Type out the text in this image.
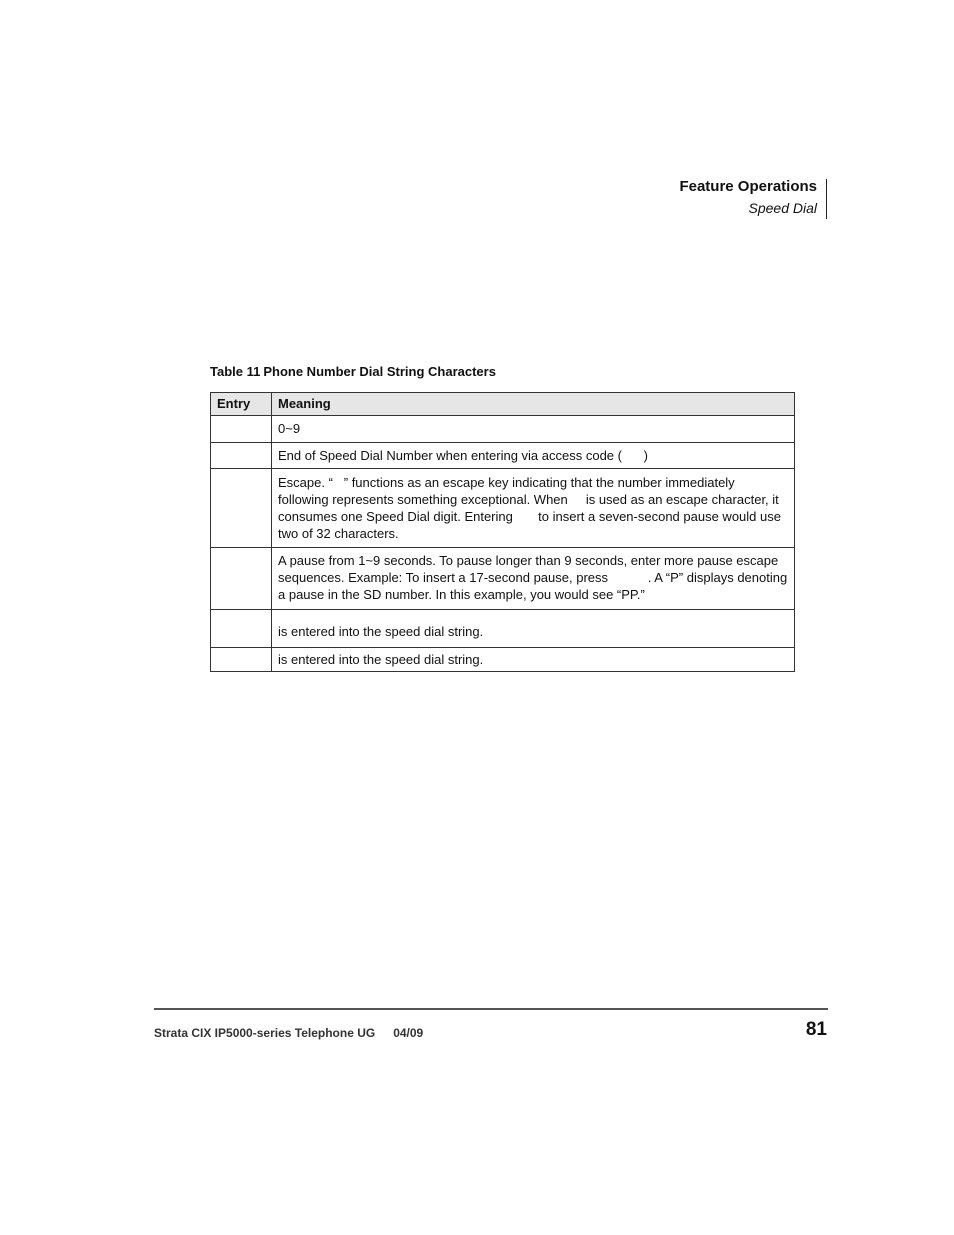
Feature Operations
Speed Dial
Table 11 Phone Number Dial String Characters
Entry	Meaning
	0~9
	End of Speed Dial Number when entering via access code (      )
	Escape. “   ” functions as an escape key indicating that the number immediately following represents something exceptional. When     is used as an escape character, it consumes one Speed Dial digit. Entering       to insert a seven-second pause would use two of 32 characters.
	A pause from 1~9 seconds. To pause longer than 9 seconds, enter more pause escape sequences. Example: To insert a 17-second pause, press           . A “P” displays denoting a pause in the SD number. In this example, you would see “PP.”
	is entered into the speed dial string.
	is entered into the speed dial string.
Strata CIX IP5000-series Telephone UG 04/09	81
